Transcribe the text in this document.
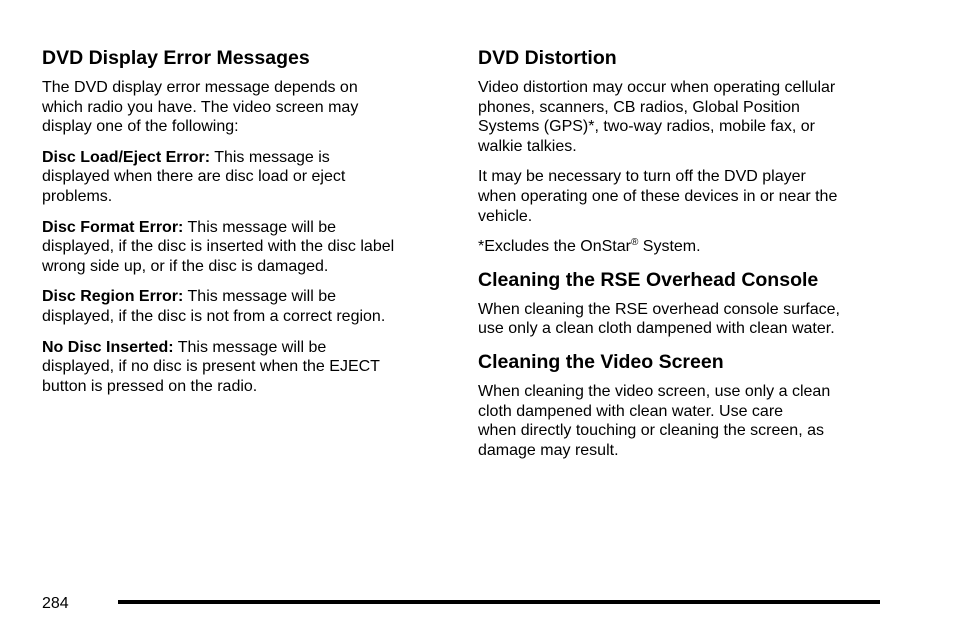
DVD Display Error Messages

The DVD display error message depends on
which radio you have. The video screen may
display one of the following:

Disc Load/Eject Error: This message is
displayed when there are disc load or eject
problems.

Disc Format Error: This message will be
displayed, if the disc is inserted with the disc label
wrong side up, or if the disc is damaged.

Disc Region Error: This message will be
displayed, if the disc is not from a correct region.

No Disc Inserted: This message will be
displayed, if no disc is present when the EJECT
button is pressed on the radio.

DVD Distortion

Video distortion may occur when operating cellular
phones, scanners, CB radios, Global Position
Systems (GPS)*, two-way radios, mobile fax, or
walkie talkies.

It may be necessary to turn off the DVD player
when operating one of these devices in or near the
vehicle.

*Excludes the OnStar® System.

Cleaning the RSE Overhead Console

When cleaning the RSE overhead console surface,
use only a clean cloth dampened with clean water.

Cleaning the Video Screen

When cleaning the video screen, use only a clean
cloth dampened with clean water. Use care
when directly touching or cleaning the screen, as
damage may result.

284
